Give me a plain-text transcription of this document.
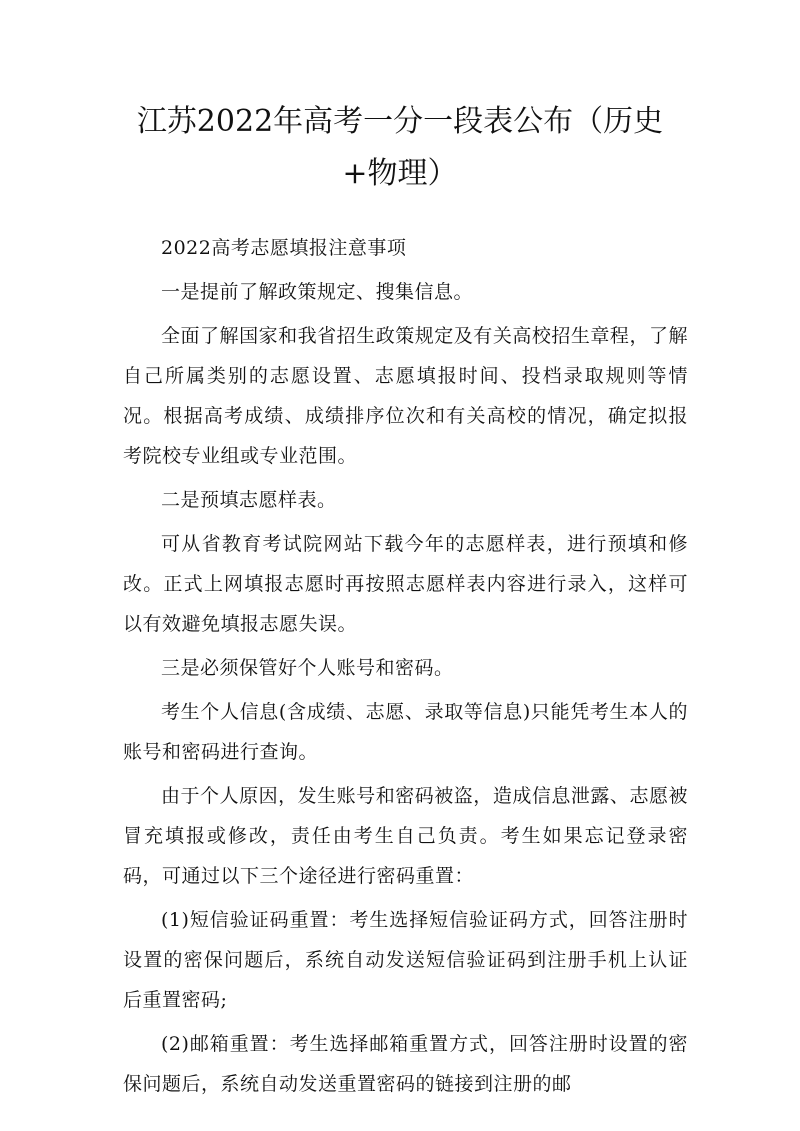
江苏2022年高考一分一段表公布（历史+物理）

2022高考志愿填报注意事项

一是提前了解政策规定、搜集信息。

全面了解国家和我省招生政策规定及有关高校招生章程，了解自己所属类别的志愿设置、志愿填报时间、投档录取规则等情况。根据高考成绩、成绩排序位次和有关高校的情况，确定拟报考院校专业组或专业范围。

二是预填志愿样表。

可从省教育考试院网站下载今年的志愿样表，进行预填和修改。正式上网填报志愿时再按照志愿样表内容进行录入，这样可以有效避免填报志愿失误。

三是必须保管好个人账号和密码。

考生个人信息(含成绩、志愿、录取等信息)只能凭考生本人的账号和密码进行查询。

由于个人原因，发生账号和密码被盗，造成信息泄露、志愿被冒充填报或修改，责任由考生自己负责。考生如果忘记登录密码，可通过以下三个途径进行密码重置：

(1)短信验证码重置：考生选择短信验证码方式，回答注册时设置的密保问题后，系统自动发送短信验证码到注册手机上认证后重置密码;

(2)邮箱重置：考生选择邮箱重置方式，回答注册时设置的密保问题后，系统自动发送重置密码的链接到注册的邮
